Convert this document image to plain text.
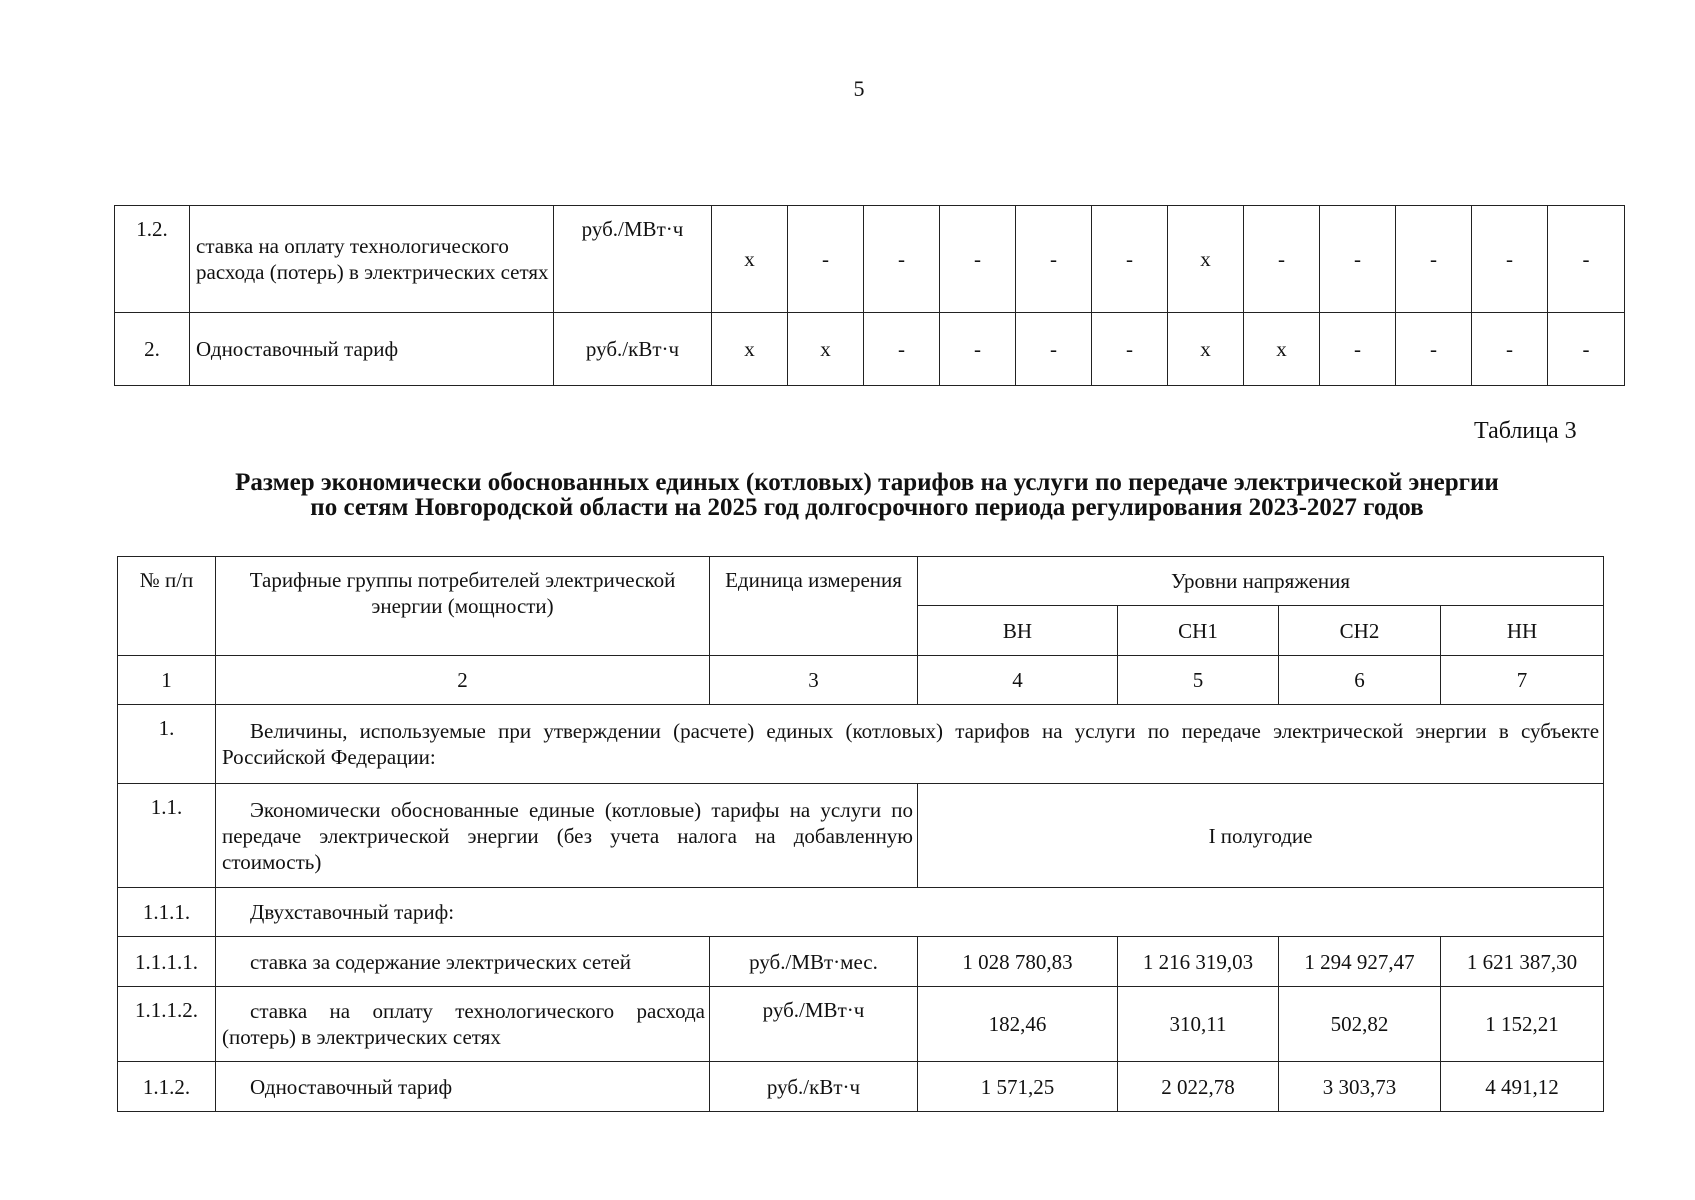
5
1.2.	ставка на оплату технологического расхода (потерь) в электрических сетях	руб./МВт·ч	х	-	-	-	-	-	х	-	-	-	-	-
2.	Одноставочный тариф	руб./кВт·ч	х	х	-	-	-	-	х	х	-	-	-	-
Таблица 3
Размер экономически обоснованных единых (котловых) тарифов на услуги по передаче электрической энергии
по сетям Новгородской области на 2025 год долгосрочного периода регулирования 2023-2027 годов
№ п/п	Тарифные группы потребителей электрической энергии (мощности)	Единица измерения	Уровни напряжения			
			ВН	СН1	СН2	НН
1	2	3	4	5	6	7
1.	Величины, используемые при утверждении (расчете) единых (котловых) тарифов на услуги по передаче электрической энергии в субъекте Российской Федерации:					
1.1.	Экономически обоснованные единые (котловые) тарифы на услуги по передаче электрической энергии (без учета налога на добавленную стоимость)		I полугодие			
1.1.1.	Двухставочный тариф:					
1.1.1.1.	ставка за содержание электрических сетей	руб./МВт·мес.	1 028 780,83	1 216 319,03	1 294 927,47	1 621 387,30
1.1.1.2.	ставка на оплату технологического расхода (потерь) в электрических сетях	руб./МВт·ч	182,46	310,11	502,82	1 152,21
1.1.2.	Одноставочный тариф	руб./кВт·ч	1 571,25	2 022,78	3 303,73	4 491,12
